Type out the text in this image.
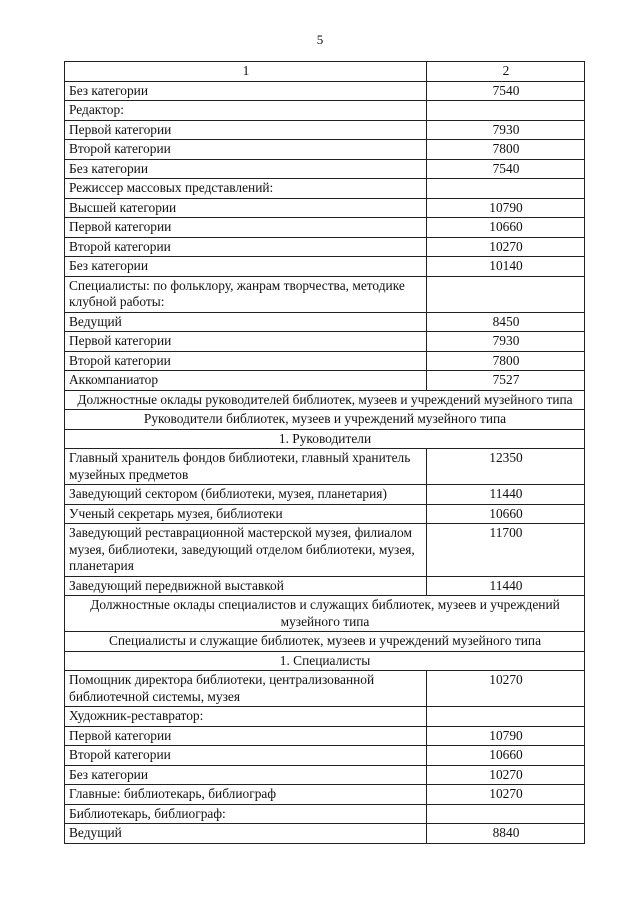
5
1	2
Без категории	7540
Редактор:	
Первой категории	7930
Второй категории	7800
Без категории	7540
Режиссер массовых представлений:	
Высшей категории	10790
Первой категории	10660
Второй категории	10270
Без категории	10140
Специалисты: по фольклору, жанрам творчества, методике клубной работы:	
Ведущий	8450
Первой категории	7930
Второй категории	7800
Аккомпаниатор	7527
Должностные оклады руководителей библиотек, музеев и учреждений музейного типа	
Руководители библиотек, музеев и учреждений музейного типа	
1. Руководители	
Главный хранитель фондов библиотеки, главный хранитель музейных предметов	12350
Заведующий сектором (библиотеки, музея, планетария)	11440
Ученый секретарь музея, библиотеки	10660
Заведующий реставрационной мастерской музея, филиалом музея, библиотеки, заведующий отделом библиотеки, музея, планетария	11700
Заведующий передвижной выставкой	11440
Должностные оклады специалистов и служащих библиотек, музеев и учреждений музейного типа	
Специалисты и служащие библиотек, музеев и учреждений музейного типа	
1. Специалисты	
Помощник директора библиотеки, централизованной библиотечной системы, музея	10270
Художник-реставратор:	
Первой категории	10790
Второй категории	10660
Без категории	10270
Главные: библиотекарь, библиограф	10270
Библиотекарь, библиограф:	
Ведущий	8840
